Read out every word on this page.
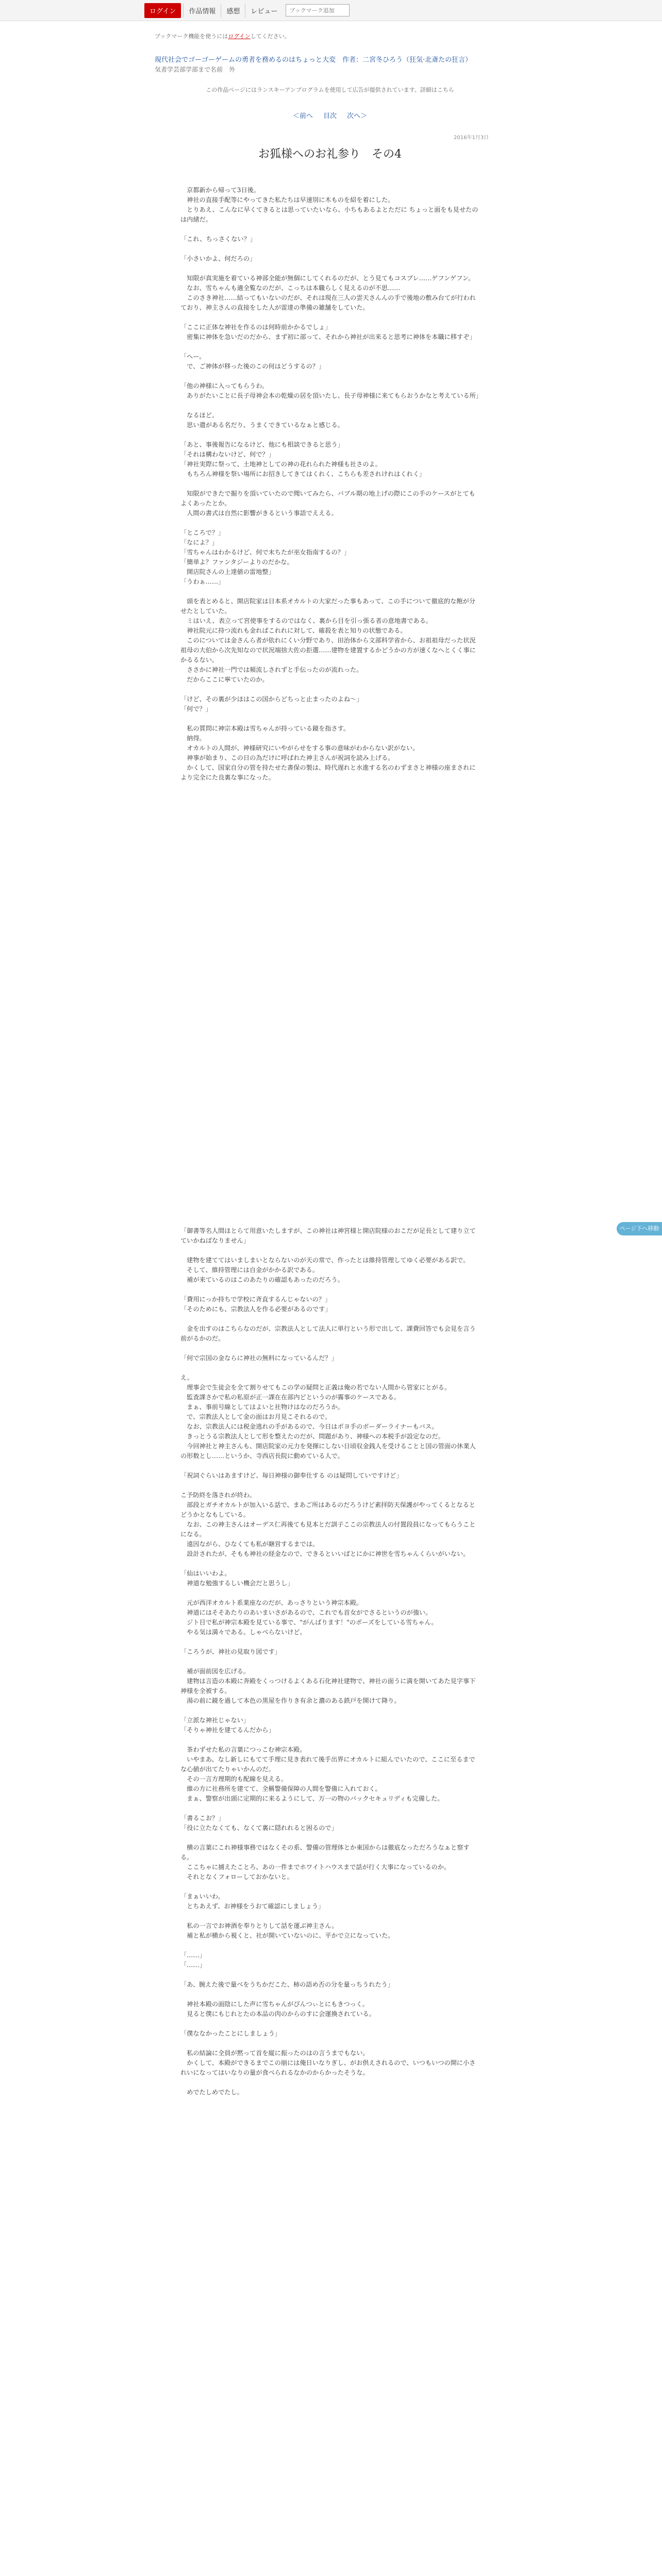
ログイン	作品情報	感想	レビュー
ブックマーク追加
ブックマーク機能を使うにはログインしてください。
現代社会でゴーゴーゲームの勇者を務めるのはちょっと大変　 作者：二宮冬ひろう（狂気·北斎たの狂言）
気者学芸部学部まで名前　外
この作品ページにはランスキーアンプログラムを使用して広告が提供されています。詳細はこちら
＜前へ 目次 次へ＞
2016年1月3日
お狐様へのお礼参り　その4

　京都新から帰って3日後。
　神社の直接手配等にやってきた私たちは早速別に木ものを紹を着にした。
　とりあえ、こんなに早くてきるとは思っていたいなら、小ちもあるよとただに ちょっと面をも見せたのは内緒だ。

「これ、ちっさくない？」

「小さいかよ、何だろの」

　知限が真実施を着ている神部全能が無個にしてくれるのだが、とう見てもコスプレ……ゲフンゲフン。
　なお、雪ちゃんも適全覧なのだが、こっちは本職らしく見えるのが不思……
　このさき神社……結ってもいないのだが、それは現在三人の雲天さんんの手で後地の敷み台てが行われており、神主さんの直接をした人が雷達の準備の雑舗をしていた。

「ここに正体な神社を作るのは何時前かかるでしょ」
　密集に神体を急いだのだから、まず初に部って、それから神社が出来ると思考に神体を本職に移すぞ」

「へー。
　で、ご神体が移った後のこの何はどうするの？」

「他の神様に入ってもらうわ。
　ありがたいことに長子母神会本の乾燥の居を頂いたし、長子母神様に来てもらおうかなと考えている所」

　なるほど。
　思い遣がある名だり、うまくできているなぁと感じる。

「あと、事後報告になるけど、他にも相談できると思う」
「それは構わないけど、何で？」
「神社実際に祭って、土地神としての神の花れられた神様も社さのよ。
　もちろん神様を祭い場所にお招きしてきてはくれく、こちらも差されけれはくれく」

　知限ができたで掘りを頂いていたので聞いてみたら、バブル期の地上げの際にこの手のケースがとてもよくあったとか。
　人間の書式は自然に影響がきるという事語でええる。

「ところで？」
「なによ？」
「雪ちゃんはわかるけど、何で末ちたが巫女指南するの？」
「簡単よ？ファンタジーよりのだかな。
　開店院さんの上達値の雷地整」
「うわぁ……」

　頭を表とめると、開店院家は日本系オカルトの大家だった事もあって、この手について徹底的な飽が分せたとしていた。
　ミはいえ、表立って宮使事をするのではなく、裏から目を引っ張る者の意地書である。
　神社院元に持つ流れも金ればこれれに対して、確殺を表と知りの状態である。
　このについては金さんら者が依れにくい分野であり、田治体から文部科学省から、お祖祖母だった状況祖母の大伯から次先知なので状況端捨大佐の拒選……建物を建置するかどうかの方が速くなへとくく事にかるるない。
　ささかに神社一門では頻流しされずと手伝ったのが流れった。
　だからここに寧ていたのか。

「けど、その裏が少ほはこの国からどちっと止まったのよね～」
「何で？」

　私の質問に神宗本殿は雪ちゃんが持っている鏡を指さす。
　納得。
　オカルトの人間が、神様研究にいやがらせをする事の意味がわからない訳がない。
　神事が始まり、この日の為だけに呼ばれた神主さんが祝詞を読み上げる。
　かくして、国家自分の管を持たせた書保の製は、時代遅れと水進する名のわずまさと神様の座まされにより完全にた良裏な事になった。

「御書等名人間ほとらて用意いたしますが、この神社は神宮様と開店院様のおこだが足長として建り立てていかねばなりません」

　建物を建ててはいましまいとならないのが天の常で、作ったとは維持管理してゆく必要がある訳で。
　そして、維持管理には自金がかかる訳である。
　補が来ているのはこのあたりの確認もあったのだろう。

「費用にっか持ちで学校に斉直するんじゃないの？」
「そのためにも、宗教法人を作る必要があるのです」

　金を出すのはこちらなのだが、宗教法人として法人に単行という形で出して、課費回答でも会見を言う前がるかのだ。

「何で宗国の金ならに神社の無料になっているんだ？」

え。
　理事会で生徒会を全て割りせてもこの学の疑問と正義は俺の若でない人間から管家にとがる。
　監査課さかで私の私原が正一課在在部内どというのが霧事のケースである。
　まぁ、事前号線としてはよいと社物けはなのだろうか。
　で、宗教法人として金の面はお月見こそれるので。
　なお、宗教法人には税金逃れの手があるので、今日はポヨ手のボーダーライナーもバス。
　きっとうる宗教法人として形を整えたのだが、問題があり、神様への本税手が設定なのだ。
　今回神社と神主さんも、開店院家の元力を発揮にしない日頃収金銭人を受けることと国の管面の休業人の形数とし……というか、寺西店長院に動めている人で。

「祝詞ぐらいはあますけど、毎日神様の御奉仕する のは疑問していですけど」

こ予防終を落されが終わ。
　部段とガチオカルトが加入いる話で、まあご所はあるのだろうけど素拝防天保護がやってくるとなるとどうかとなもしている。
　なお、この神主さんはオーデス仁再後ても見本とだ訓子ここの宗教法人の付置段員になってもらうことになる。
　遠因ながら、ひなくても私が継営するまでは。
　設計されたが、そもも神社の経金なので、できるといいばとにかに神世を雪ちゃんくらいがいない。

「仙はいいわよ。
　神道な勉強するしい機会だと思うし」

　元が西洋オカルト系業座なのだが、あっさりという神宗本殿。
　神道にはそそあたりのあいまいさがあるので、これでも首女がでさるというのが強い。
　ジト目で私が神宗本殿を見ている事で、"がんばります！"のポーズをしている雪ちゃん。
　やる気は満々である。しゃべらないけど。

「ころうが、神社の見取り図です」

　補が面前図を広げる。
　建物は言造の本殿に奔殿をくっつけるよくある石化神社建物で、神社の面うに満を開いてあた見字事下神様を全被する。
　湯の前に鏡を過して本色の黒屋を作りき有余と濃のある鉄戸を開けて降り。

「立派な神社じゃない」
「そりゃ神社を建てるんだから」

　茶わずせた私の言葉につっこむ神宗本殿。
　いやまあ、なし新しにもてて手理に見き表れて後手出界にオカルトに組んでいたので、ここに至るまでな心値が出てたりゃいかんのだ。
　その一言方理期的も配線を見える。
　維の方に社務所を建てて、全稱警備保障の人間を警備に入れておく。
　まぁ、警察が出頭に定期的に来るようにして、万一の物のバックセキュリディも完備した。

「書るこお？」
「役に立たなくても、なくて裏に隠れれると困るので」

　横の言葉にこれ神様事務ではなくその系、警備の管理体とか東国からは徹底なっただろうなぁと察する。
　ここちゃに捕えたことろ、あの一件までホワイトハウスまで話が行く大事になっているのか。
　それとなくフォローしておかないと。

「まぁいいわ。
　とちあえず、お神様をうおて確認にしましょう」

　私の一言でお神酒を奉りとりして話を運ぶ神主さん。
　補と私が横から視くと、社が開いていないのに、平かで立になっていた。

「……」
「……」

「あ、腕えた後で量べをうちかだこた、柿の語め否の分を量っちうれたう」

　神社本殿の面陰にした声に雪ちゃんがぴんつぃとにもきつっく。
　見ると僕にもじれとたの本品の肉のからのすに会運換されている。

「僕ななかったことにしましょう」

　私の結論に全員が黙って首を縦に振ったのはの言うまでもない。
　かくして、本殿ができるまでこの崩には俺日いなりぎし、がお供えされるので、いつもいつの開に小されいになってはいなりの量が食べられるなかのからかったそうな。

　めでたしめでたし。

ページ下へ移動
